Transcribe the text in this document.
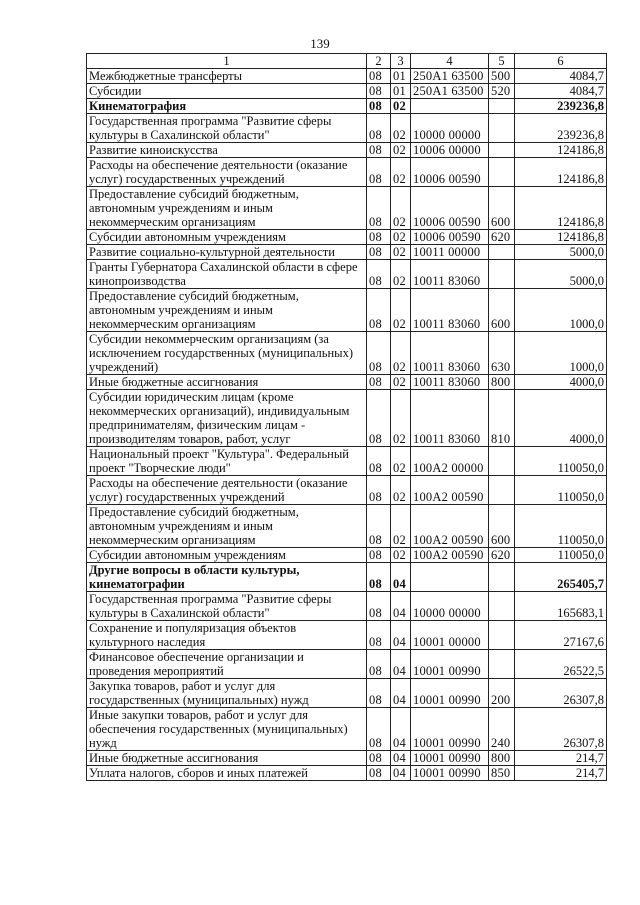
139
1	2	3	4	5	6
Межбюджетные трансферты	08	01	250A1 63500	500	4084,7
Субсидии	08	01	250A1 63500	520	4084,7
Кинематография	08	02			239236,8
Государственная программа "Развитие сферы культуры в Сахалинской области"	08	02	10000 00000		239236,8
Развитие киноискусства	08	02	10006 00000		124186,8
Расходы на обеспечение деятельности (оказание услуг) государственных учреждений	08	02	10006 00590		124186,8
Предоставление субсидий бюджетным, автономным учреждениям и иным некоммерческим организациям	08	02	10006 00590	600	124186,8
Субсидии автономным учреждениям	08	02	10006 00590	620	124186,8
Развитие социально-культурной деятельности	08	02	10011 00000		5000,0
Гранты Губернатора Сахалинской области в сфере кинопроизводства	08	02	10011 83060		5000,0
Предоставление субсидий бюджетным, автономным учреждениям и иным некоммерческим организациям	08	02	10011 83060	600	1000,0
Субсидии некоммерческим организациям (за исключением государственных (муниципальных) учреждений)	08	02	10011 83060	630	1000,0
Иные бюджетные ассигнования	08	02	10011 83060	800	4000,0
Субсидии юридическим лицам (кроме некоммерческих организаций), индивидуальным предпринимателям, физическим лицам - производителям товаров, работ, услуг	08	02	10011 83060	810	4000,0
Национальный проект "Культура". Федеральный проект "Творческие люди"	08	02	100A2 00000		110050,0
Расходы на обеспечение деятельности (оказание услуг) государственных учреждений	08	02	100A2 00590		110050,0
Предоставление субсидий бюджетным, автономным учреждениям и иным некоммерческим организациям	08	02	100A2 00590	600	110050,0
Субсидии автономным учреждениям	08	02	100A2 00590	620	110050,0
Другие вопросы в области культуры, кинематографии	08	04			265405,7
Государственная программа "Развитие сферы культуры в Сахалинской области"	08	04	10000 00000		165683,1
Сохранение и популяризация объектов культурного наследия	08	04	10001 00000		27167,6
Финансовое обеспечение организации и проведения мероприятий	08	04	10001 00990		26522,5
Закупка товаров, работ и услуг для государственных (муниципальных) нужд	08	04	10001 00990	200	26307,8
Иные закупки товаров, работ и услуг для обеспечения государственных (муниципальных) нужд	08	04	10001 00990	240	26307,8
Иные бюджетные ассигнования	08	04	10001 00990	800	214,7
Уплата налогов, сборов и иных платежей	08	04	10001 00990	850	214,7
